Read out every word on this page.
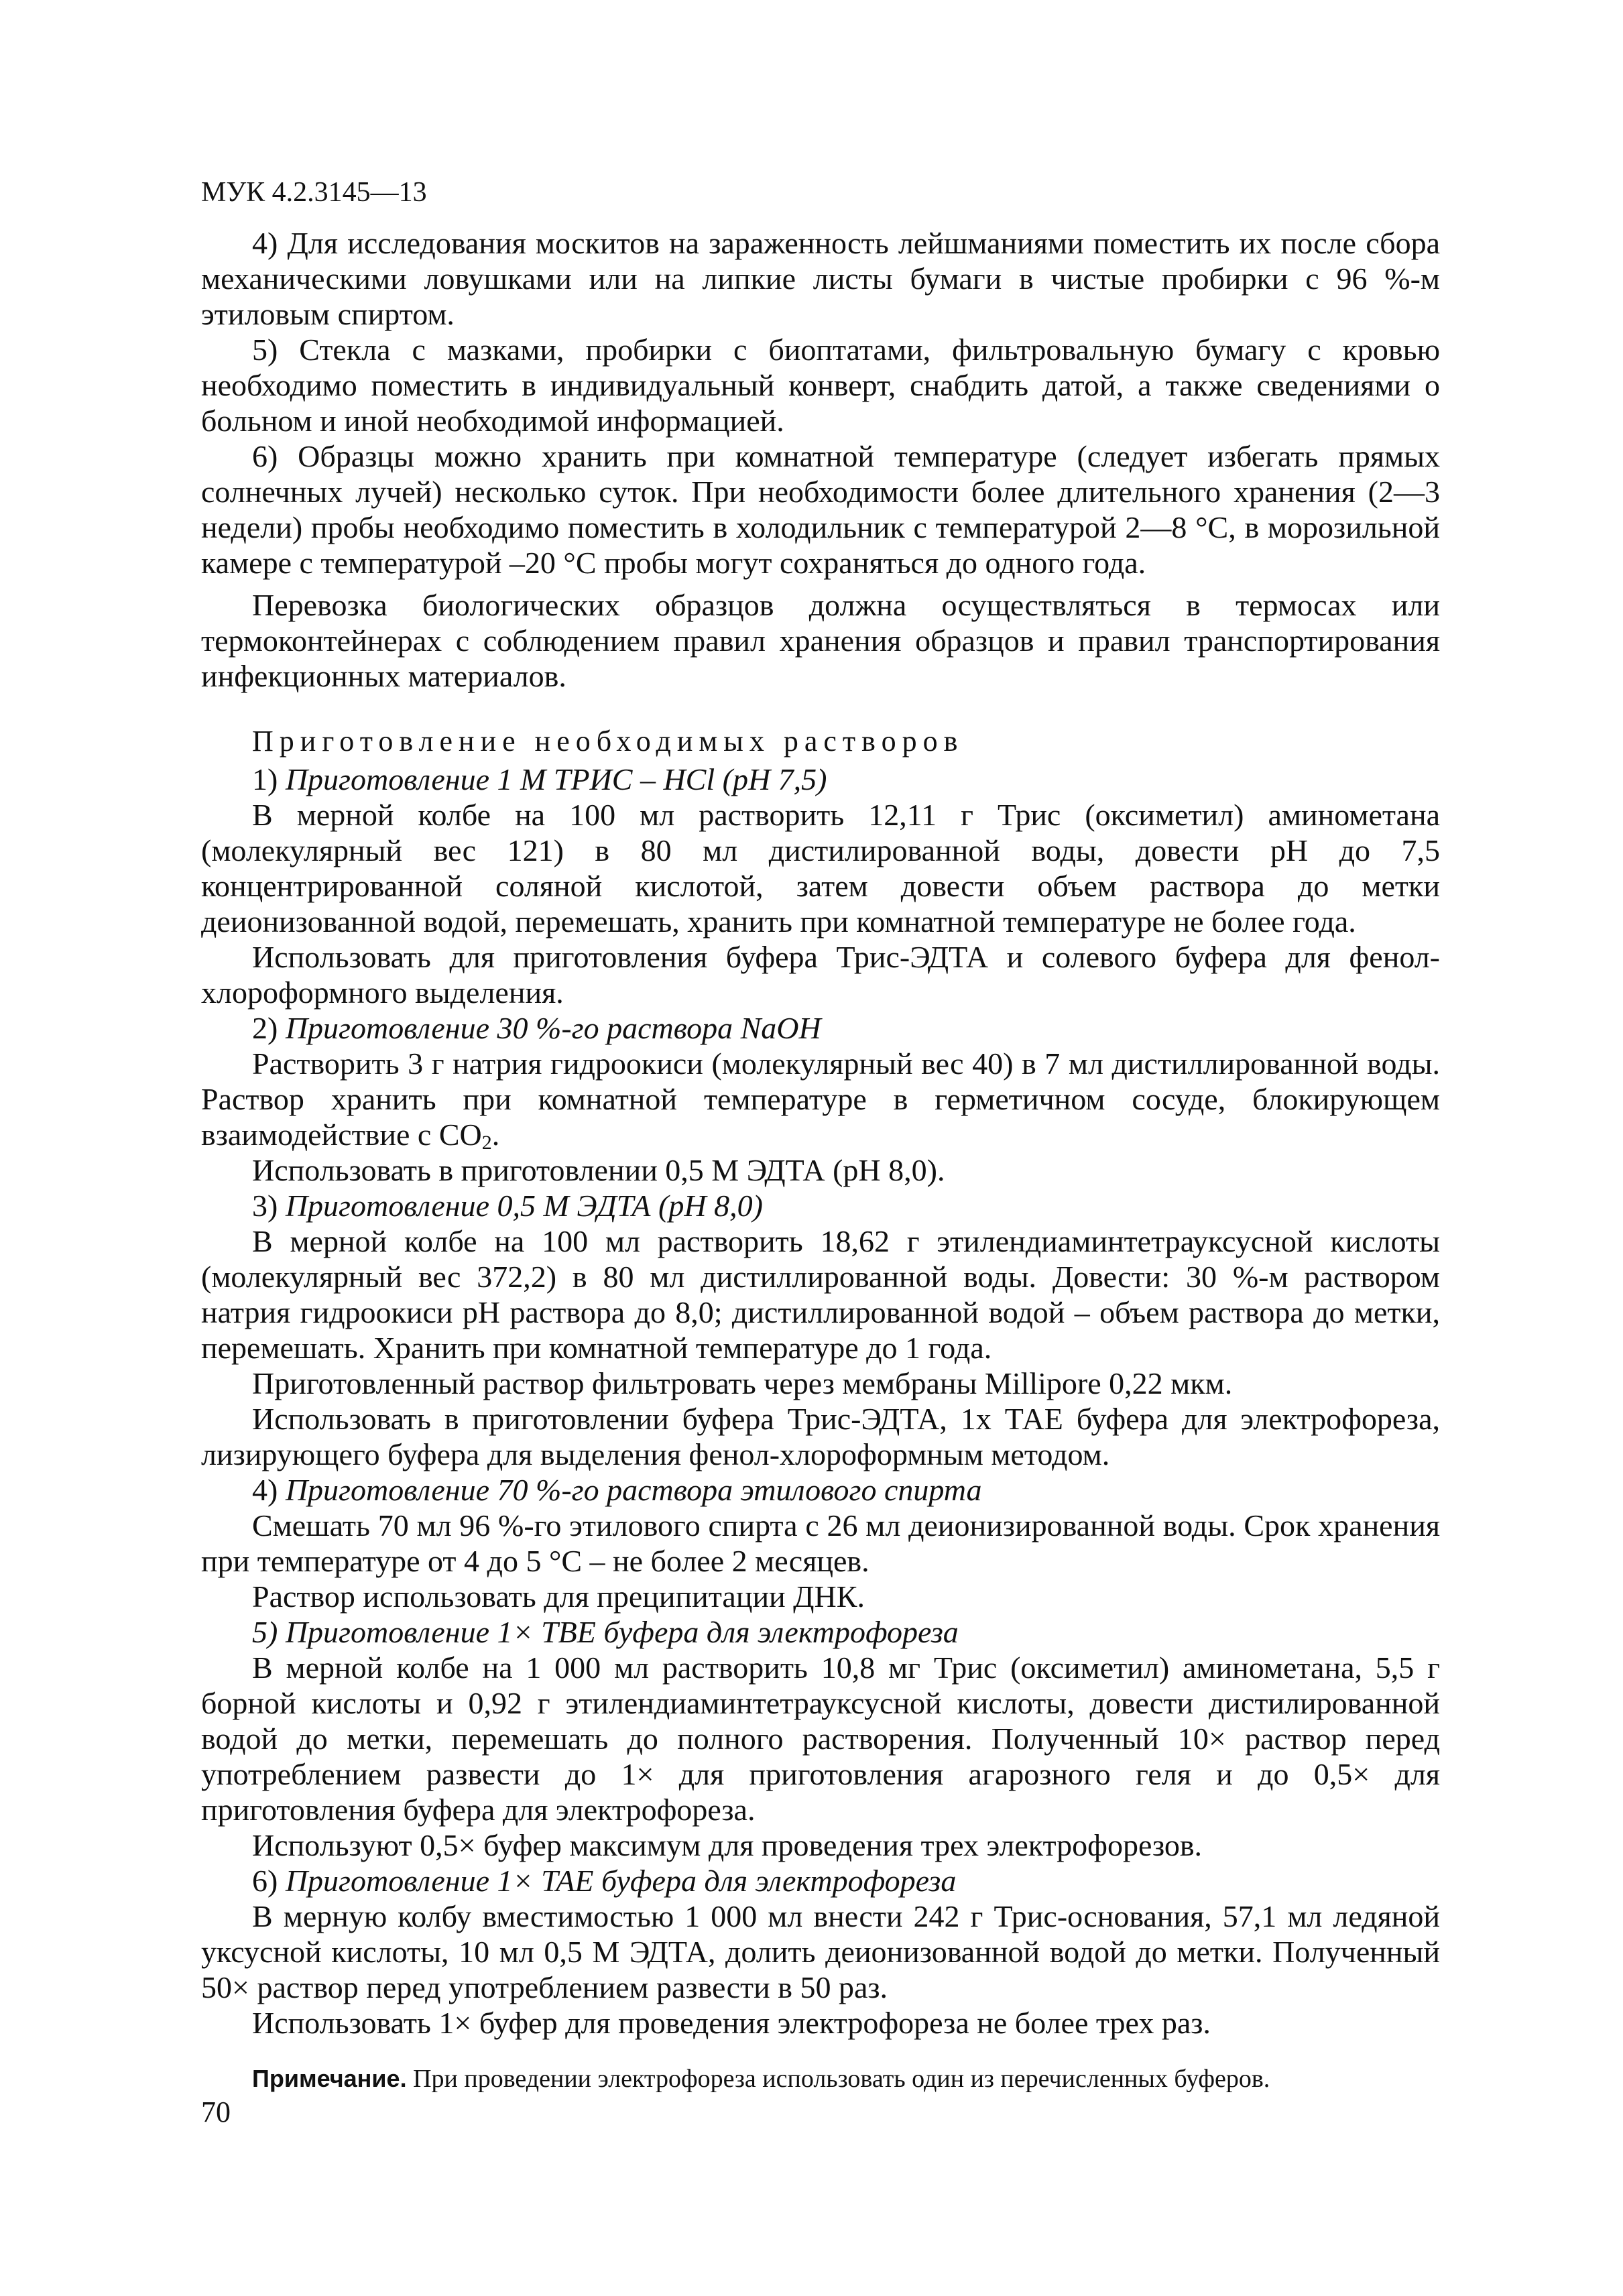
МУК 4.2.3145—13

4) Для исследования москитов на зараженность лейшманиями поместить их после сбора механическими ловушками или на липкие листы бумаги в чистые пробирки с 96 %-м этиловым спиртом.

5) Стекла с мазками, пробирки с биоптатами, фильтровальную бумагу с кровью необходимо поместить в индивидуальный конверт, снабдить датой, а также сведениями о больном и иной необходимой информацией.

6) Образцы можно хранить при комнатной температуре (следует избегать прямых солнечных лучей) несколько суток. При необходимости более длительного хранения (2—3 недели) пробы необходимо поместить в холодильник с температурой 2—8 °С, в морозильной камере с температурой –20 °С пробы могут сохраняться до одного года.

Перевозка биологических образцов должна осуществляться в термосах или термоконтейнерах с соблюдением правил хранения образцов и правил транспортирования инфекционных материалов.

Приготовление необходимых растворов

1) Приготовление 1 М ТРИС – HCl (pH 7,5)

В мерной колбе на 100 мл растворить 12,11 г Трис (оксиметил) аминометана (молекулярный вес 121) в 80 мл дистилированной воды, довести pH до 7,5 концентрированной соляной кислотой, затем довести объем раствора до метки деионизованной водой, перемешать, хранить при комнатной температуре не более года.

Использовать для приготовления буфера Трис-ЭДТА и солевого буфера для фенол-хлороформного выделения.

2) Приготовление 30 %-го раствора NaOH

Растворить 3 г натрия гидроокиси (молекулярный вес 40) в 7 мл дистиллированной воды. Раствор хранить при комнатной температуре в герметичном сосуде, блокирующем взаимодействие с $CO_2$.

Использовать в приготовлении 0,5 М ЭДТА (pH 8,0).

3) Приготовление 0,5 М ЭДТА (pH 8,0)

В мерной колбе на 100 мл растворить 18,62 г этилендиаминтетрауксусной кислоты (молекулярный вес 372,2) в 80 мл дистиллированной воды. Довести: 30 %-м раствором натрия гидроокиси pH раствора до 8,0; дистиллированной водой – объем раствора до метки, перемешать. Хранить при комнатной температуре до 1 года.

Приготовленный раствор фильтровать через мембраны Millipore 0,22 мкм.

Использовать в приготовлении буфера Трис-ЭДТА, 1x ТАЕ буфера для электрофореза, лизирующего буфера для выделения фенол-хлороформным методом.

4) Приготовление 70 %-го раствора этилового спирта

Смешать 70 мл 96 %-го этилового спирта с 26 мл деионизированной воды. Срок хранения при температуре от 4 до 5 °С – не более 2 месяцев.

Раствор использовать для преципитации ДНК.

5) Приготовление 1× TBE буфера для электрофореза

В мерной колбе на 1 000 мл растворить 10,8 мг Трис (оксиметил) аминометана, 5,5 г борной кислоты и 0,92 г этилендиаминтетрауксусной кислоты, довести дистилированной водой до метки, перемешать до полного растворения. Полученный 10× раствор перед употреблением развести до 1× для приготовления агарозного геля и до 0,5× для приготовления буфера для электрофореза.

Используют 0,5× буфер максимум для проведения трех электрофорезов.

6) Приготовление 1× TAE буфера для электрофореза

В мерную колбу вместимостью 1 000 мл внести 242 г Трис-основания, 57,1 мл ледяной уксусной кислоты, 10 мл 0,5 М ЭДТА, долить деионизованной водой до метки. Полученный 50× раствор перед употреблением развести в 50 раз.

Использовать 1× буфер для проведения электрофореза не более трех раз.

Примечание. При проведении электрофореза использовать один из перечисленных буферов.

70
